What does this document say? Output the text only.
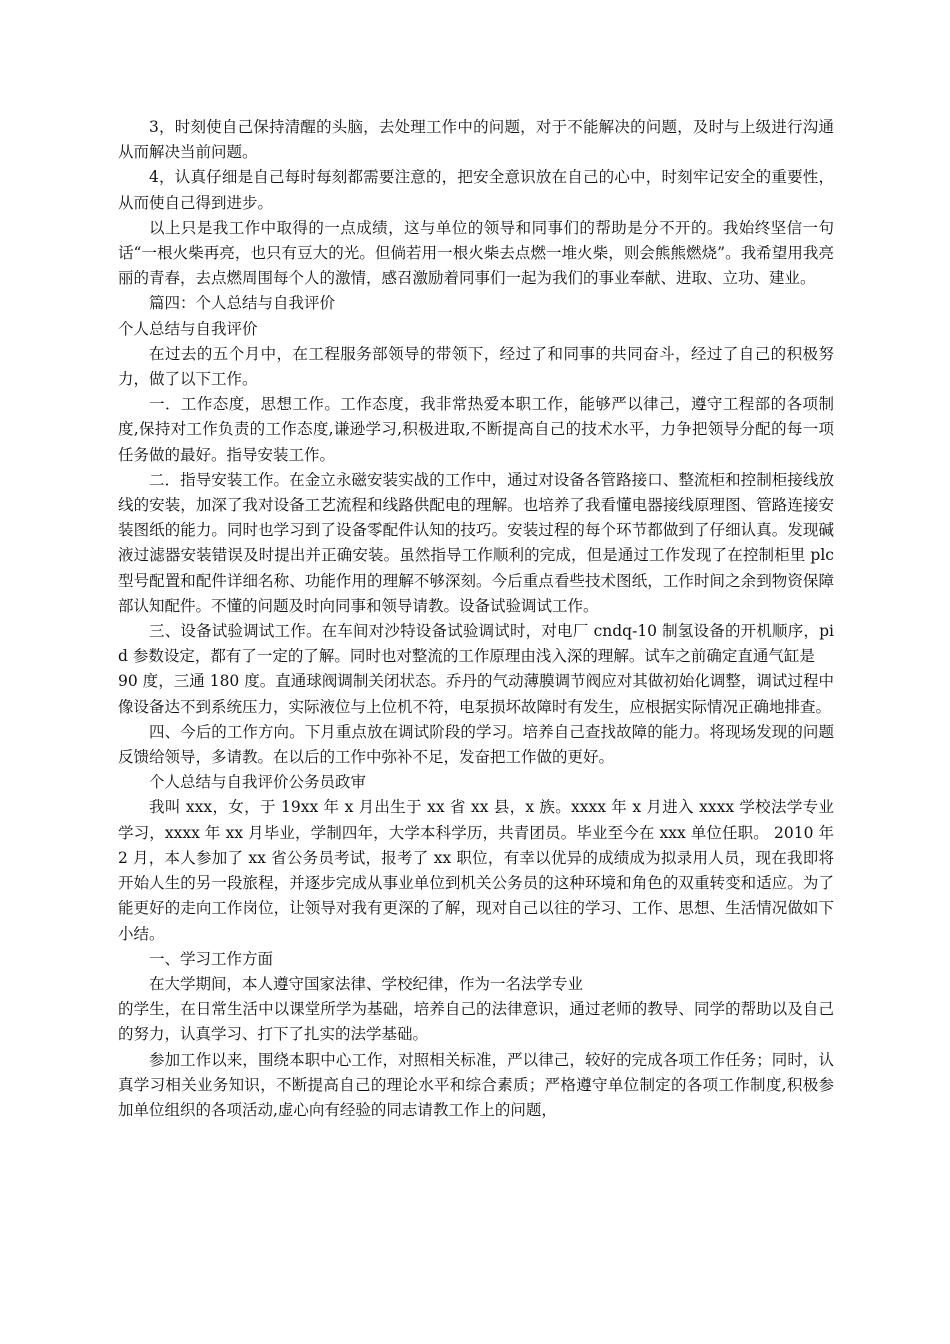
3，时刻使自己保持清醒的头脑，去处理工作中的问题，对于不能解决的问题，及时与上级进行沟通从而解决当前问题。

4，认真仔细是自己每时每刻都需要注意的，把安全意识放在自己的心中，时刻牢记安全的重要性，从而使自己得到进步。

以上只是我工作中取得的一点成绩，这与单位的领导和同事们的帮助是分不开的。我始终坚信一句话“一根火柴再亮，也只有豆大的光。但倘若用一根火柴去点燃一堆火柴，则会熊熊燃烧”。我希望用我亮丽的青春，去点燃周围每个人的激情，感召激励着同事们一起为我们的事业奉献、进取、立功、建业。

篇四：个人总结与自我评价

个人总结与自我评价

在过去的五个月中，在工程服务部领导的带领下，经过了和同事的共同奋斗，经过了自己的积极努力，做了以下工作。

一．工作态度，思想工作。工作态度，我非常热爱本职工作，能够严以律己，遵守工程部的各项制度,保持对工作负责的工作态度,谦逊学习,积极进取,不断提高自己的技术水平，力争把领导分配的每一项任务做的最好。指导安装工作。

二．指导安装工作。在金立永磁安装实战的工作中，通过对设备各管路接口、整流柜和控制柜接线放线的安装，加深了我对设备工艺流程和线路供配电的理解。也培养了我看懂电器接线原理图、管路连接安装图纸的能力。同时也学习到了设备零配件认知的技巧。安装过程的每个环节都做到了仔细认真。发现碱液过滤器安装错误及时提出并正确安装。虽然指导工作顺利的完成，但是通过工作发现了在控制柜里 plc 型号配置和配件详细名称、功能作用的理解不够深刻。今后重点看些技术图纸，工作时间之余到物资保障部认知配件。不懂的问题及时向同事和领导请教。设备试验调试工作。

三、设备试验调试工作。在车间对沙特设备试验调试时，对电厂 cndq-10 制氢设备的开机顺序，pid 参数设定，都有了一定的了解。同时也对整流的工作原理由浅入深的理解。试车之前确定直通气缸是

90 度，三通 180 度。直通球阀调制关闭状态。乔丹的气动薄膜调节阀应对其做初始化调整，调试过程中像设备达不到系统压力，实际液位与上位机不符，电泵损坏故障时有发生，应根据实际情况正确地排查。

四、今后的工作方向。下月重点放在调试阶段的学习。培养自己查找故障的能力。将现场发现的问题反馈给领导，多请教。在以后的工作中弥补不足，发奋把工作做的更好。

个人总结与自我评价公务员政审

我叫 xxx，女，于 19xx 年 x 月出生于 xx 省 xx 县，x 族。xxxx 年 x 月进入 xxxx 学校法学专业学习，xxxx 年 xx 月毕业，学制四年，大学本科学历，共青团员。毕业至今在 xxx 单位任职。 2010 年 2 月，本人参加了 xx 省公务员考试，报考了 xx 职位，有幸以优异的成绩成为拟录用人员，现在我即将开始人生的另一段旅程，并逐步完成从事业单位到机关公务员的这种环境和角色的双重转变和适应。为了能更好的走向工作岗位，让领导对我有更深的了解，现对自己以往的学习、工作、思想、生活情况做如下小结。

一、学习工作方面

在大学期间，本人遵守国家法律、学校纪律，作为一名法学专业

的学生，在日常生活中以课堂所学为基础，培养自己的法律意识，通过老师的教导、同学的帮助以及自己的努力，认真学习、打下了扎实的法学基础。

参加工作以来，围绕本职中心工作，对照相关标准，严以律己，较好的完成各项工作任务；同时，认真学习相关业务知识，不断提高自己的理论水平和综合素质；严格遵守单位制定的各项工作制度,积极参加单位组织的各项活动,虚心向有经验的同志请教工作上的问题，
